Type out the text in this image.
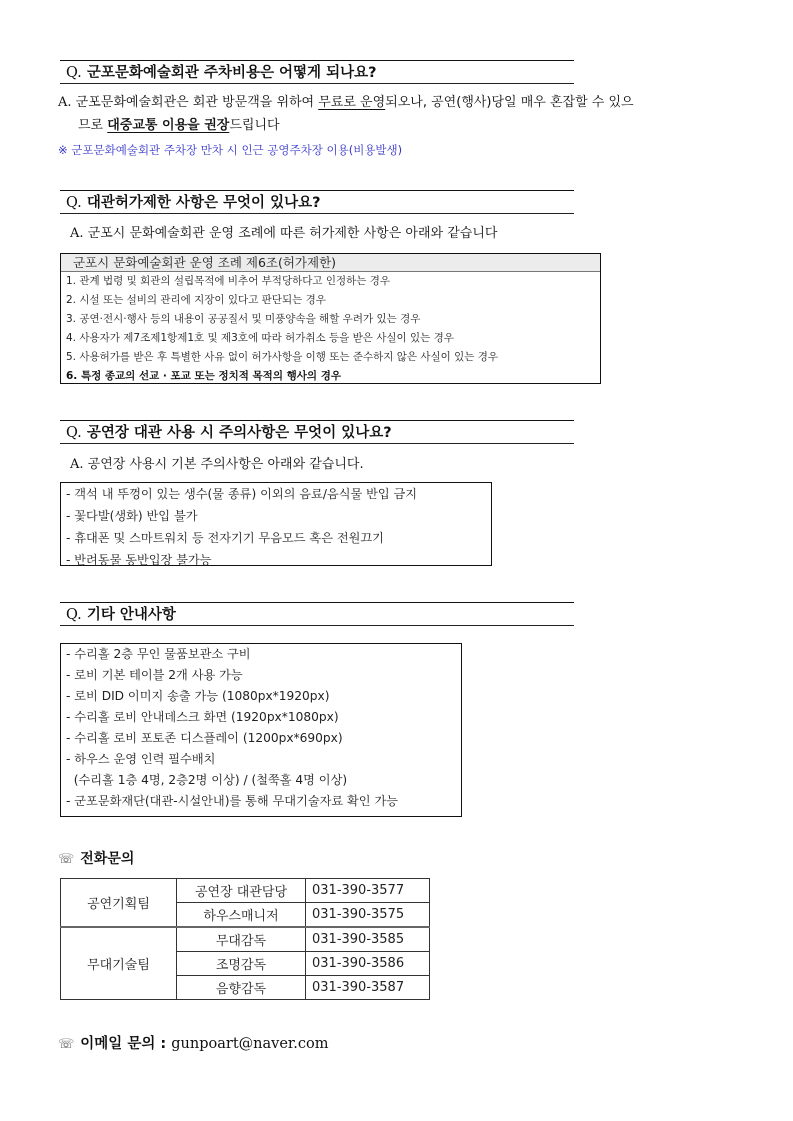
Q. 군포문화예술회관 주차비용은 어떻게 되나요?
A. 군포문화예술회관은 회관 방문객을 위하여 무료로 운영되오나, 공연(행사)당일 매우 혼잡할 수 있으
므로 대중교통 이용을 권장드립니다
※ 군포문화예술회관 주차장 만차 시 인근 공영주차장 이용(비용발생)
Q. 대관허가제한 사항은 무엇이 있나요?
A. 군포시 문화예술회관 운영 조례에 따른 허가제한 사항은 아래와 같습니다
군포시 문화예술회관 운영 조례 제6조(허가제한)
1. 관계 법령 및 회관의 설립목적에 비추어 부적당하다고 인정하는 경우
2. 시설 또는 설비의 관리에 지장이 있다고 판단되는 경우
3. 공연·전시·행사 등의 내용이 공공질서 및 미풍양속을 해할 우려가 있는 경우
4. 사용자가 제7조제1항제1호 및 제3호에 따라 허가취소 등을 받은 사실이 있는 경우
5. 사용허가를 받은 후 특별한 사유 없이 허가사항을 이행 또는 준수하지 않은 사실이 있는 경우
6. 특정 종교의 선교 · 포교 또는 정치적 목적의 행사의 경우
Q. 공연장 대관 사용 시 주의사항은 무엇이 있나요?
A. 공연장 사용시 기본 주의사항은 아래와 같습니다.
- 객석 내 뚜껑이 있는 생수(물 종류) 이외의 음료/음식물 반입 금지
- 꽃다발(생화) 반입 불가
- 휴대폰 및 스마트워치 등 전자기기 무음모드 혹은 전원끄기
- 반려동물 동반입장 불가능
Q. 기타 안내사항
- 수리홀 2층 무인 물품보관소 구비
- 로비 기본 테이블 2개 사용 가능
- 로비 DID 이미지 송출 가능 (1080px*1920px)
- 수리홀 로비 안내데스크 화면 (1920px*1080px)
- 수리홀 로비 포토존 디스플레이 (1200px*690px)
- 하우스 운영 인력 필수배치
(수리홀 1층 4명, 2층2명 이상) / (철쭉홀 4명 이상)
- 군포문화재단(대관-시설안내)를 통해 무대기술자료 확인 가능
☏ 전화문의
공연기획팀	공연장 대관담당	031-390-3577
	하우스매니저	031-390-3575
무대기술팀	무대감독	031-390-3585
	조명감독	031-390-3586
	음향감독	031-390-3587
☏ 이메일 문의 : gunpoart@naver.com
